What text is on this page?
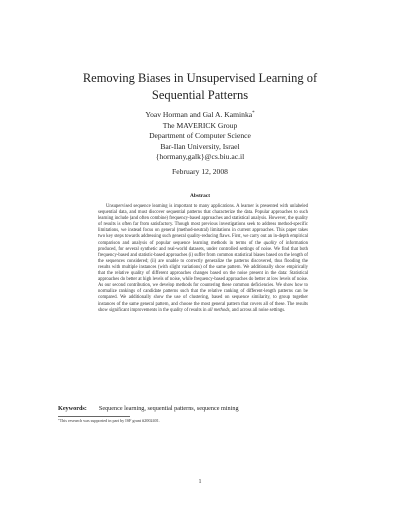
Removing Biases in Unsupervised Learning of
Sequential Patterns
Yoav Horman and Gal A. Kaminka*
The MAVERICK Group
Department of Computer Science
Bar-Ilan University, Israel
{hormany,galk}@cs.biu.ac.il
February 12, 2008
Abstract

Unsupervised sequence learning is important to many applications. A learner is presented with unlabeled sequential data, and must discover sequential patterns that characterize the data. Popular approaches to such learning include (and often combine) frequency-based approaches and statistical analysis. However, the quality of results is often far from satisfactory. Though most previous investigations seek to address method-specific limitations, we instead focus on general (method-neutral) limitations in current approaches. This paper takes two key steps towards addressing such general quality-reducing flaws. First, we carry out an in-depth empirical comparison and analysis of popular sequence learning methods in terms of the quality of information produced, for several synthetic and real-world datasets, under controlled settings of noise. We find that both frequency-based and statistic-based approaches (i) suffer from common statistical biases based on the length of the sequences considered; (ii) are unable to correctly generalize the patterns discovered, thus flooding the results with multiple instances (with slight variations) of the same pattern. We additionally show empirically that the relative quality of different approaches changes based on the noise present in the data: Statistical approaches do better at high levels of noise, while frequency-based approaches do better at low levels of noise. As our second contribution, we develop methods for countering these common deficiencies. We show how to normalize rankings of candidate patterns such that the relative ranking of different-length patterns can be compared. We additionally show the use of clustering, based on sequence similarity, to group together instances of the same general pattern, and choose the most general pattern that covers all of these. The results show significant improvements in the quality of results in all methods, and across all noise settings.

Keywords: Sequence learning, sequential patterns, sequence mining
*This research was supported in part by ISF grant #2002401.
1
